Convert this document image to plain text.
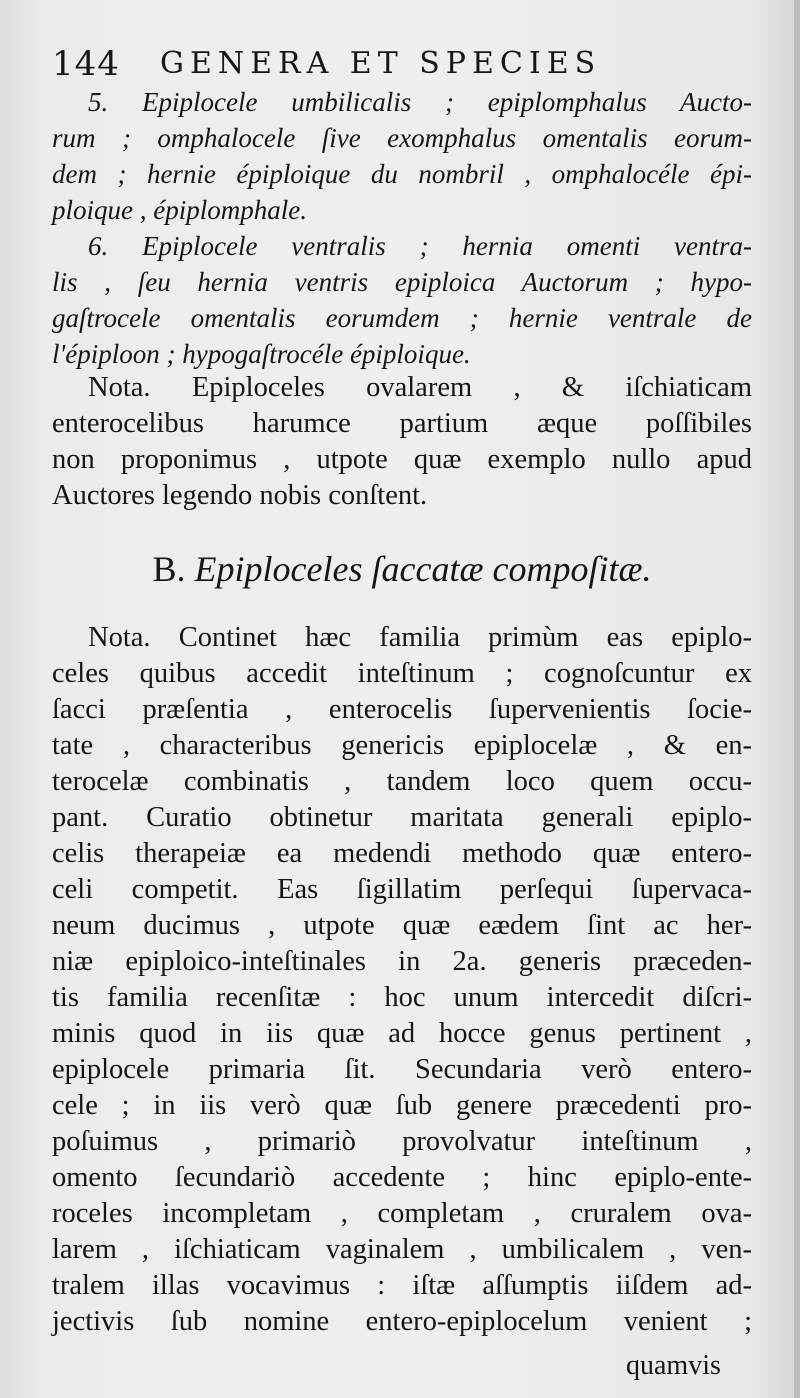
144 GENERA ET SPECIES
5. Epiplocele umbilicalis ; epiplomphalus Aucto-
rum ; omphalocele ſive exomphalus omentalis eorum-
dem ; hernie épiploique du nombril , omphalocéle épi-
ploique , épiplomphale.
6. Epiplocele ventralis ; hernia omenti ventra-
lis , ſeu hernia ventris epiploica Auctorum ; hypo-
gaſtrocele omentalis eorumdem ; hernie ventrale de
l'épiploon ; hypogaſtrocéle épiploique.
Nota. Epiploceles ovalarem , & iſchiaticam
enterocelibus harumce partium æque poſſibiles
non proponimus , utpote quæ exemplo nullo apud
Auctores legendo nobis conſtent.
B. Epiploceles ſaccatæ compoſitæ.
Nota. Continet hæc familia primùm eas epiplo-
celes quibus accedit inteſtinum ; cognoſcuntur ex
ſacci præſentia , enterocelis ſupervenientis ſocie-
tate , characteribus genericis epiplocelæ , & en-
terocelæ combinatis , tandem loco quem occu-
pant. Curatio obtinetur maritata generali epiplo-
celis therapeiæ ea medendi methodo quæ entero-
celi competit. Eas ſigillatim perſequi ſupervaca-
neum ducimus , utpote quæ eædem ſint ac her-
niæ epiploico-inteſtinales in 2a. generis præceden-
tis familia recenſitæ : hoc unum intercedit diſcri-
minis quod in iis quæ ad hocce genus pertinent ,
epiplocele primaria ſit. Secundaria verò entero-
cele ; in iis verò quæ ſub genere præcedenti pro-
poſuimus , primariò provolvatur inteſtinum ,
omento ſecundariò accedente ; hinc epiplo-ente-
roceles incompletam , completam , cruralem ova-
larem , iſchiaticam vaginalem , umbilicalem , ven-
tralem illas vocavimus : iſtæ aſſumptis iiſdem ad-
jectivis ſub nomine entero-epiplocelum venient ;
quamvis
